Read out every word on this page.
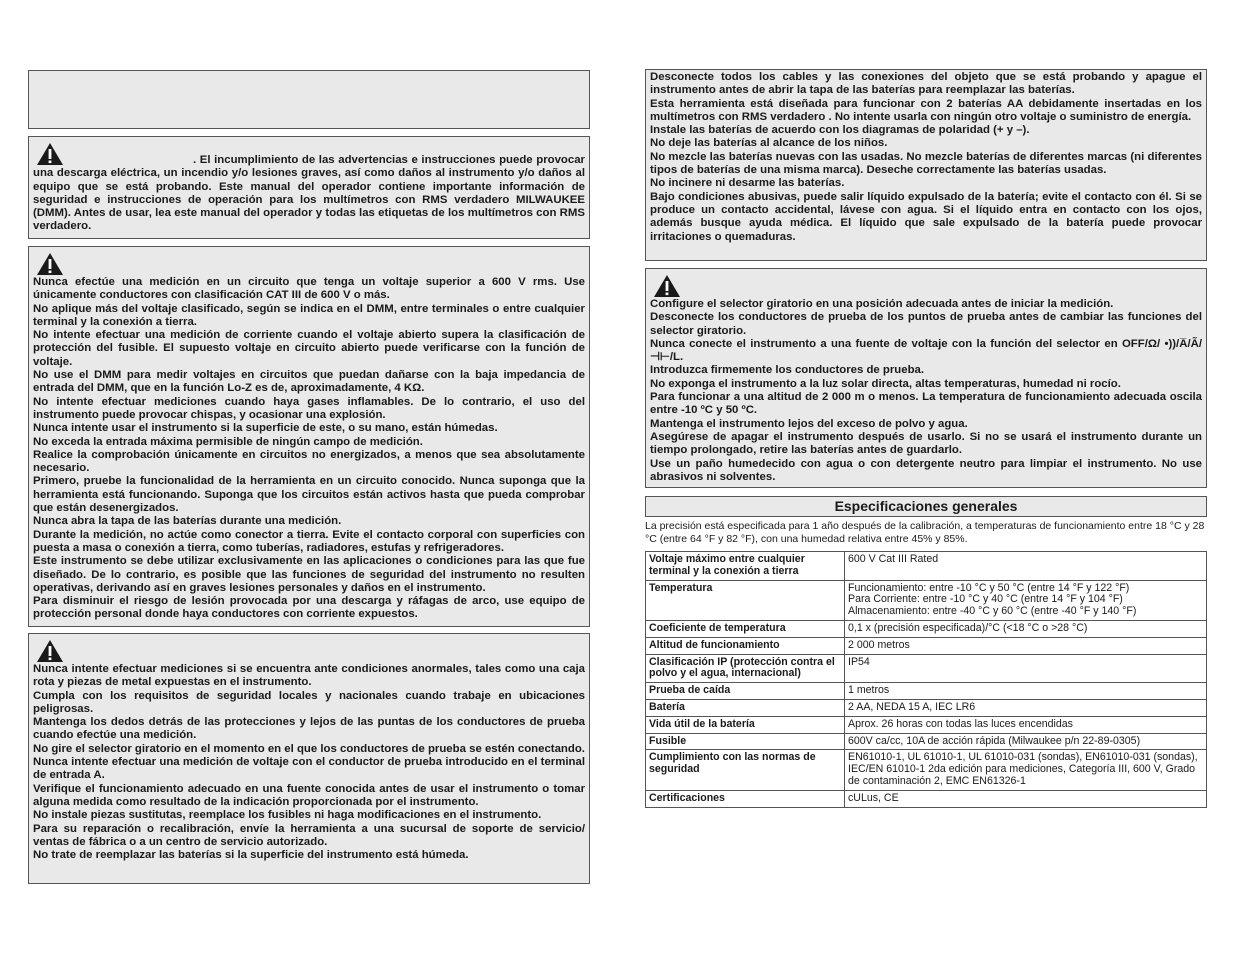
. El incumplimiento de las advertencias e instrucciones puede provocar una descarga eléctrica, un incendio y/o lesiones graves, así como daños al instrumento y/o daños al equipo que se está probando. Este manual del operador contiene importante información de seguridad e instrucciones de operación para los multímetros con RMS verdadero MILWAUKEE (DMM). Antes de usar, lea este manual del operador y todas las etiquetas de los multímetros con RMS verdadero.

Nunca efectúe una medición en un circuito que tenga un voltaje superior a 600 V rms. Use únicamente conductores con clasificación CAT III de 600 V o más.

No aplique más del voltaje clasificado, según se indica en el DMM, entre terminales o entre cualquier terminal y la conexión a tierra.

No intente efectuar una medición de corriente cuando el voltaje abierto supera la clasificación de protección del fusible. El supuesto voltaje en circuito abierto puede verificarse con la función de voltaje.

No use el DMM para medir voltajes en circuitos que puedan dañarse con la baja impedancia de entrada del DMM, que en la función Lo-Z es de, aproximadamente, 4 KΩ.

No intente efectuar mediciones cuando haya gases inflamables. De lo contrario, el uso del instrumento puede provocar chispas, y ocasionar una explosión.

Nunca intente usar el instrumento si la superficie de este, o su mano, están húmedas.

No exceda la entrada máxima permisible de ningún campo de medición.

Realice la comprobación únicamente en circuitos no energizados, a menos que sea absolutamente necesario.

Primero, pruebe la funcionalidad de la herramienta en un circuito conocido. Nunca suponga que la herramienta está funcionando. Suponga que los circuitos están activos hasta que pueda comprobar que están desenergizados.

Nunca abra la tapa de las baterías durante una medición.

Durante la medición, no actúe como conector a tierra. Evite el contacto corporal con superficies con puesta a masa o conexión a tierra, como tuberías, radiadores, estufas y refrigeradores.

Este instrumento se debe utilizar exclusivamente en las aplicaciones o condiciones para las que fue diseñado. De lo contrario, es posible que las funciones de seguridad del instrumento no resulten operativas, derivando así en graves lesiones personales y daños en el instrumento.

Para disminuir el riesgo de lesión provocada por una descarga y ráfagas de arco, use equipo de protección personal donde haya conductores con corriente expuestos.

Nunca intente efectuar mediciones si se encuentra ante condiciones anormales, tales como una caja rota y piezas de metal expuestas en el instrumento.

Cumpla con los requisitos de seguridad locales y nacionales cuando trabaje en ubicaciones peligrosas.

Mantenga los dedos detrás de las protecciones y lejos de las puntas de los conductores de prueba cuando efectúe una medición.

No gire el selector giratorio en el momento en el que los conductores de prueba se estén conectando.

Nunca intente efectuar una medición de voltaje con el conductor de prueba introducido en el terminal de entrada A.

Verifique el funcionamiento adecuado en una fuente conocida antes de usar el instrumento o tomar alguna medida como resultado de la indicación proporcionada por el instrumento.

No instale piezas sustitutas, reemplace los fusibles ni haga modificaciones en el instrumento.

Para su reparación o recalibración, envíe la herramienta a una sucursal de soporte de servicio/ ventas de fábrica o a un centro de servicio autorizado.

No trate de reemplazar las baterías si la superficie del instrumento está húmeda.

Desconecte todos los cables y las conexiones del objeto que se está probando y apague el instrumento antes de abrir la tapa de las baterías para reemplazar las baterías.

Esta herramienta está diseñada para funcionar con 2 baterías AA debidamente insertadas en los multímetros con RMS verdadero . No intente usarla con ningún otro voltaje o suministro de energía.

Instale las baterías de acuerdo con los diagramas de polaridad (+ y –).

No deje las baterías al alcance de los niños.

No mezcle las baterías nuevas con las usadas. No mezcle baterías de diferentes marcas (ni diferentes tipos de baterías de una misma marca). Deseche correctamente las baterías usadas.

No incinere ni desarme las baterías.

Bajo condiciones abusivas, puede salir líquido expulsado de la batería; evite el contacto con él. Si se produce un contacto accidental, lávese con agua. Si el líquido entra en contacto con los ojos, además busque ayuda médica. El líquido que sale expulsado de la batería puede provocar irritaciones o quemaduras.

Configure el selector giratorio en una posición adecuada antes de iniciar la medición.

Desconecte los conductores de prueba de los puntos de prueba antes de cambiar las funciones del selector giratorio.

Nunca conecte el instrumento a una fuente de voltaje con la función del selector en OFF/Ω/ •))/A̅/Ã/⊣⊢/L.

Introduzca firmemente los conductores de prueba.

No exponga el instrumento a la luz solar directa, altas temperaturas, humedad ni rocío.

Para funcionar a una altitud de 2 000 m o menos. La temperatura de funcionamiento adecuada oscila entre -10 ºC y 50 ºC.

Mantenga el instrumento lejos del exceso de polvo y agua.

Asegúrese de apagar el instrumento después de usarlo. Si no se usará el instrumento durante un tiempo prolongado, retire las baterías antes de guardarlo.

Use un paño humedecido con agua o con detergente neutro para limpiar el instrumento. No use abrasivos ni solventes.

Especificaciones generales

La precisión está especificada para 1 año después de la calibración, a temperaturas de funcionamiento entre 18 °C y 28 °C (entre 64 °F y 82 °F), con una humedad relativa entre 45% y 85%.

Voltaje máximo entre cualquier terminal y la conexión a tierra	600 V Cat III Rated
Temperatura	Funcionamiento: entre -10 °C y 50 °C (entre 14 °F y 122 °F)
Para Corriente: entre -10 °C y 40 °C (entre 14 °F y 104 °F)
Almacenamiento: entre -40 °C y 60 °C (entre -40 °F y 140 °F)
Coeficiente de temperatura	0,1 x (precisión especificada)/°C (<18 °C o >28 °C)
Altitud de funcionamiento	2 000 metros
Clasificación IP (protección contra el polvo y el agua, internacional)	IP54
Prueba de caída	1 metros
Batería	2 AA, NEDA 15 A, IEC LR6
Vida útil de la batería	Aprox. 26 horas con todas las luces encendidas
Fusible	600V ca/cc, 10A de acción rápida (Milwaukee p/n 22-89-0305)
Cumplimiento con las normas de seguridad	EN61010-1, UL 61010-1, UL 61010-031 (sondas), EN61010-031 (sondas), IEC/EN 61010-1 2da edición para mediciones, Categoría III, 600 V, Grado de contaminación 2, EMC EN61326-1
Certificaciones	cULus, CE
